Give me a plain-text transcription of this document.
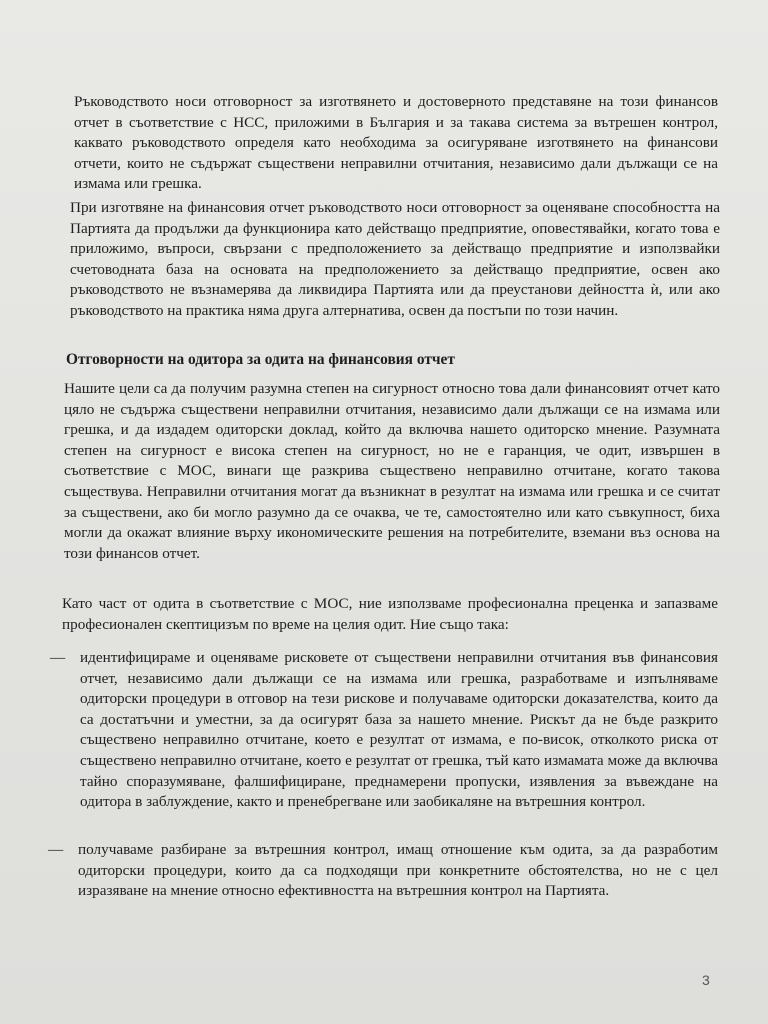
Ръководството носи отговорност за изготвянето и достоверното представяне на този финансов отчет в съответствие с НСС, приложими в България и за такава система за вътрешен контрол, каквато ръководството определя като необходима за осигуряване изготвянето на финансови отчети, които не съдържат съществени неправилни отчитания, независимо дали дължащи се на измама или грешка.

При изготвяне на финансовия отчет ръководството носи отговорност за оценяване способността на Партията да продължи да функционира като действащо предприятие, оповестявайки, когато това е приложимо, въпроси, свързани с предположението за действащо предприятие и използвайки счетоводната база на основата на предположението за действащо предприятие, освен ако ръководството не възнамерява да ликвидира Партията или да преустанови дейността ѝ, или ако ръководството на практика няма друга алтернатива, освен да постъпи по този начин.

Отговорности на одитора за одита на финансовия отчет

Нашите цели са да получим разумна степен на сигурност относно това дали финансовият отчет като цяло не съдържа съществени неправилни отчитания, независимо дали дължащи се на измама или грешка, и да издадем одиторски доклад, който да включва нашето одиторско мнение. Разумната степен на сигурност е висока степен на сигурност, но не е гаранция, че одит, извършен в съответствие с МОС, винаги ще разкрива съществено неправилно отчитане, когато такова съществува. Неправилни отчитания могат да възникнат в резултат на измама или грешка и се считат за съществени, ако би могло разумно да се очаква, че те, самостоятелно или като съвкупност, биха могли да окажат влияние върху икономическите решения на потребителите, вземани въз основа на този финансов отчет.

Като част от одита в съответствие с МОС, ние използваме професионална преценка и запазваме професионален скептицизъм по време на целия одит. Ние също така:

— идентифицираме и оценяваме рисковете от съществени неправилни отчитания във финансовия отчет, независимо дали дължащи се на измама или грешка, разработваме и изпълняваме одиторски процедури в отговор на тези рискове и получаваме одиторски доказателства, които да са достатъчни и уместни, за да осигурят база за нашето мнение. Рискът да не бъде разкрито съществено неправилно отчитане, което е резултат от измама, е по-висок, отколкото риска от съществено неправилно отчитане, което е резултат от грешка, тъй като измамата може да включва тайно споразумяване, фалшифициране, преднамерени пропуски, изявления за въвеждане на одитора в заблуждение, както и пренебрегване или заобикаляне на вътрешния контрол.
— получаваме разбиране за вътрешния контрол, имащ отношение към одита, за да разработим одиторски процедури, които да са подходящи при конкретните обстоятелства, но не с цел изразяване на мнение относно ефективността на вътрешния контрол на Партията.
3
